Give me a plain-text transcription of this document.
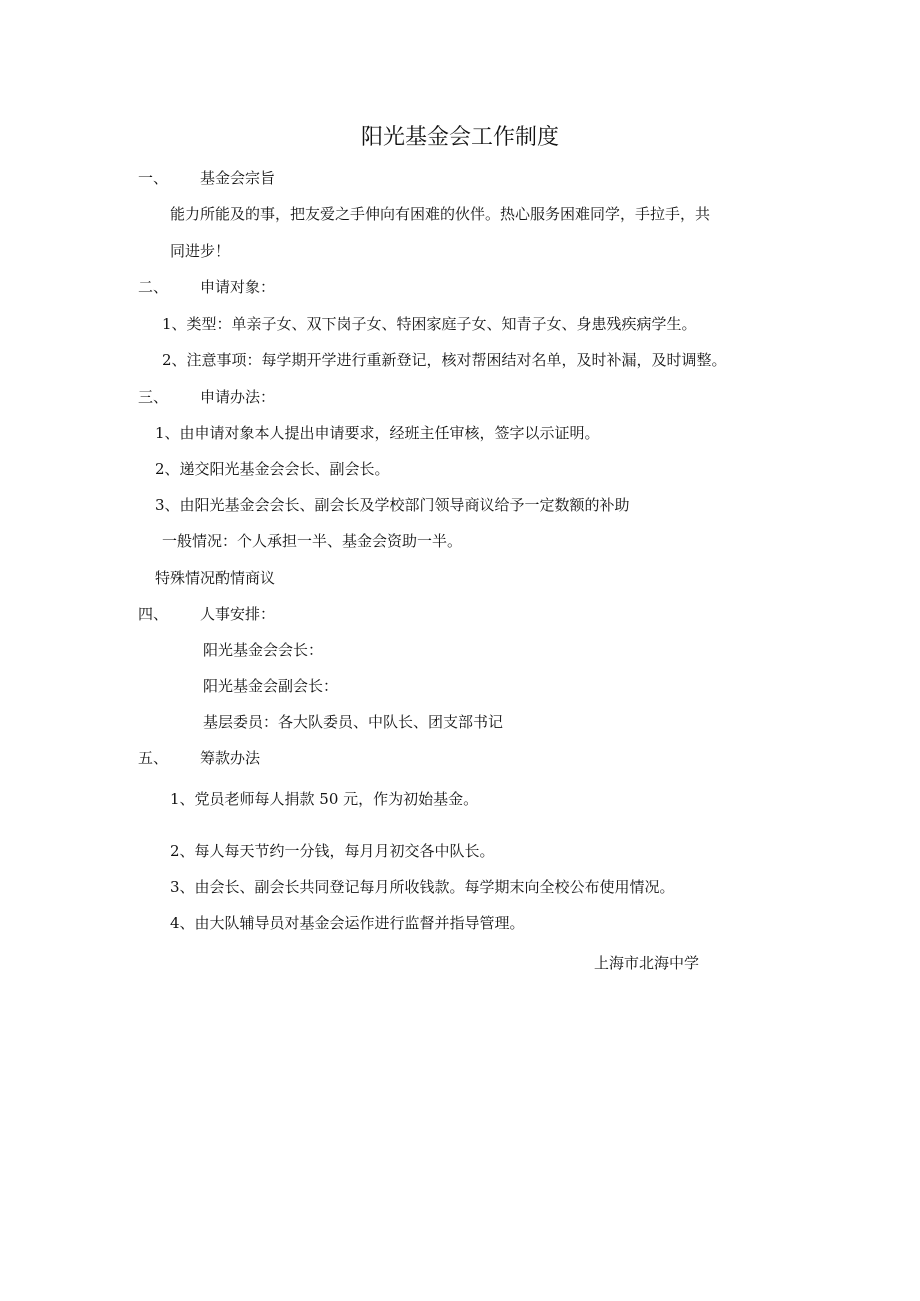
阳光基金会工作制度
一、 基金会宗旨
能力所能及的事，把友爱之手伸向有困难的伙伴。热心服务困难同学，手拉手，共
同进步！
二、 申请对象：
1、类型：单亲子女、双下岗子女、特困家庭子女、知青子女、身患残疾病学生。
2、注意事项：每学期开学进行重新登记，核对帮困结对名单，及时补漏，及时调整。
三、 申请办法：
1、由申请对象本人提出申请要求，经班主任审核，签字以示证明。
2、递交阳光基金会会长、副会长。
3、由阳光基金会会长、副会长及学校部门领导商议给予一定数额的补助
一般情况：个人承担一半、基金会资助一半。
特殊情况酌情商议
四、 人事安排：
阳光基金会会长：
阳光基金会副会长：
基层委员：各大队委员、中队长、团支部书记
五、 筹款办法
1、党员老师每人捐款 50 元，作为初始基金。
2、每人每天节约一分钱，每月月初交各中队长。
3、由会长、副会长共同登记每月所收钱款。每学期末向全校公布使用情况。
4、由大队辅导员对基金会运作进行监督并指导管理。
上海市北海中学
